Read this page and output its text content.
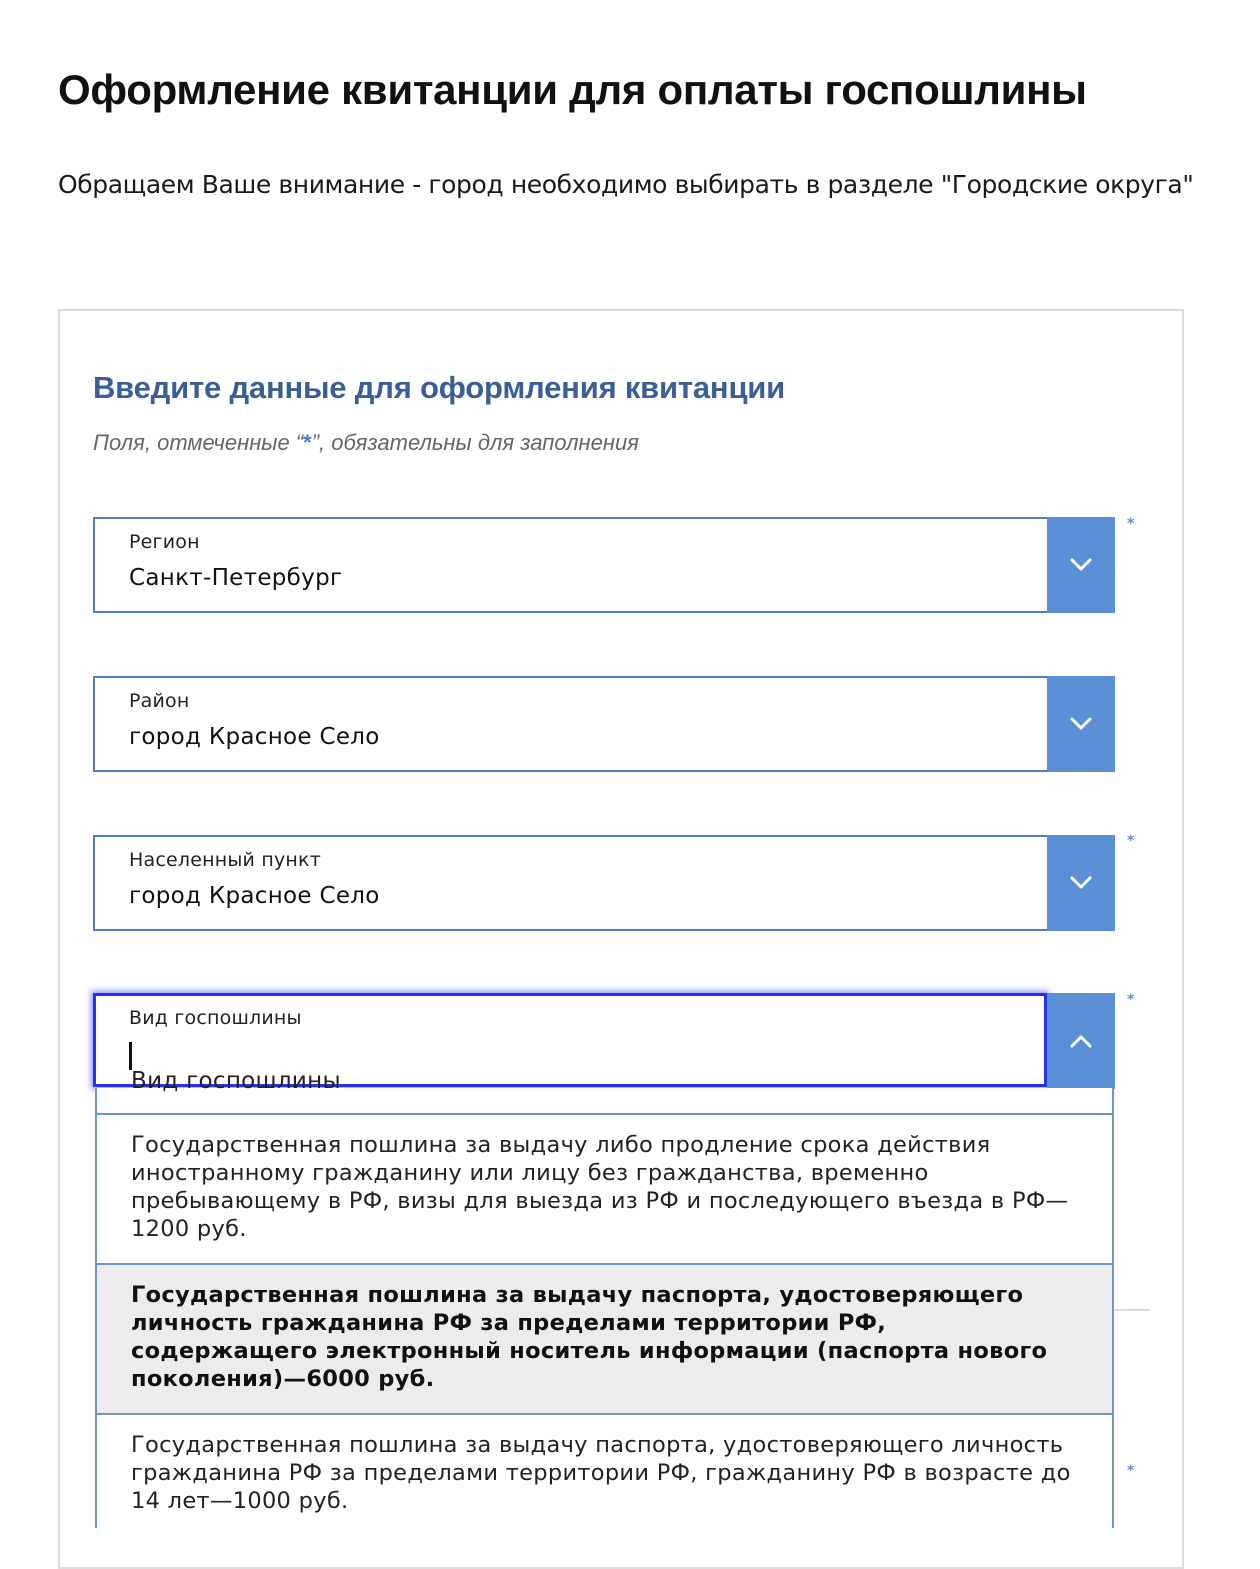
Оформление квитанции для оплаты госпошлины

Обращаем Ваше внимание - город необходимо выбирать в разделе "Городские округа"

Введите данные для оформления квитанции

Поля, отмеченные “*”, обязательны для заполнения

Регион
Санкт-Петербург
*
Район
город Красное Село
Населенный пункт
город Красное Село
*
Вид госпошлины
*
*
Вид госпошлины
Государственная пошлина за выдачу либо продление срока действия иностранному гражданину или лицу без гражданства, временно пребывающему в РФ, визы для выезда из РФ и последующего въезда в РФ—1200 руб.
Государственная пошлина за выдачу паспорта, удостоверяющего личность гражданина РФ за пределами территории РФ, содержащего электронный носитель информации (паспорта нового поколения)—6000 руб.
Государственная пошлина за выдачу паспорта, удостоверяющего личность гражданина РФ за пределами территории РФ, гражданину РФ в возрасте до 14 лет—1000 руб.
